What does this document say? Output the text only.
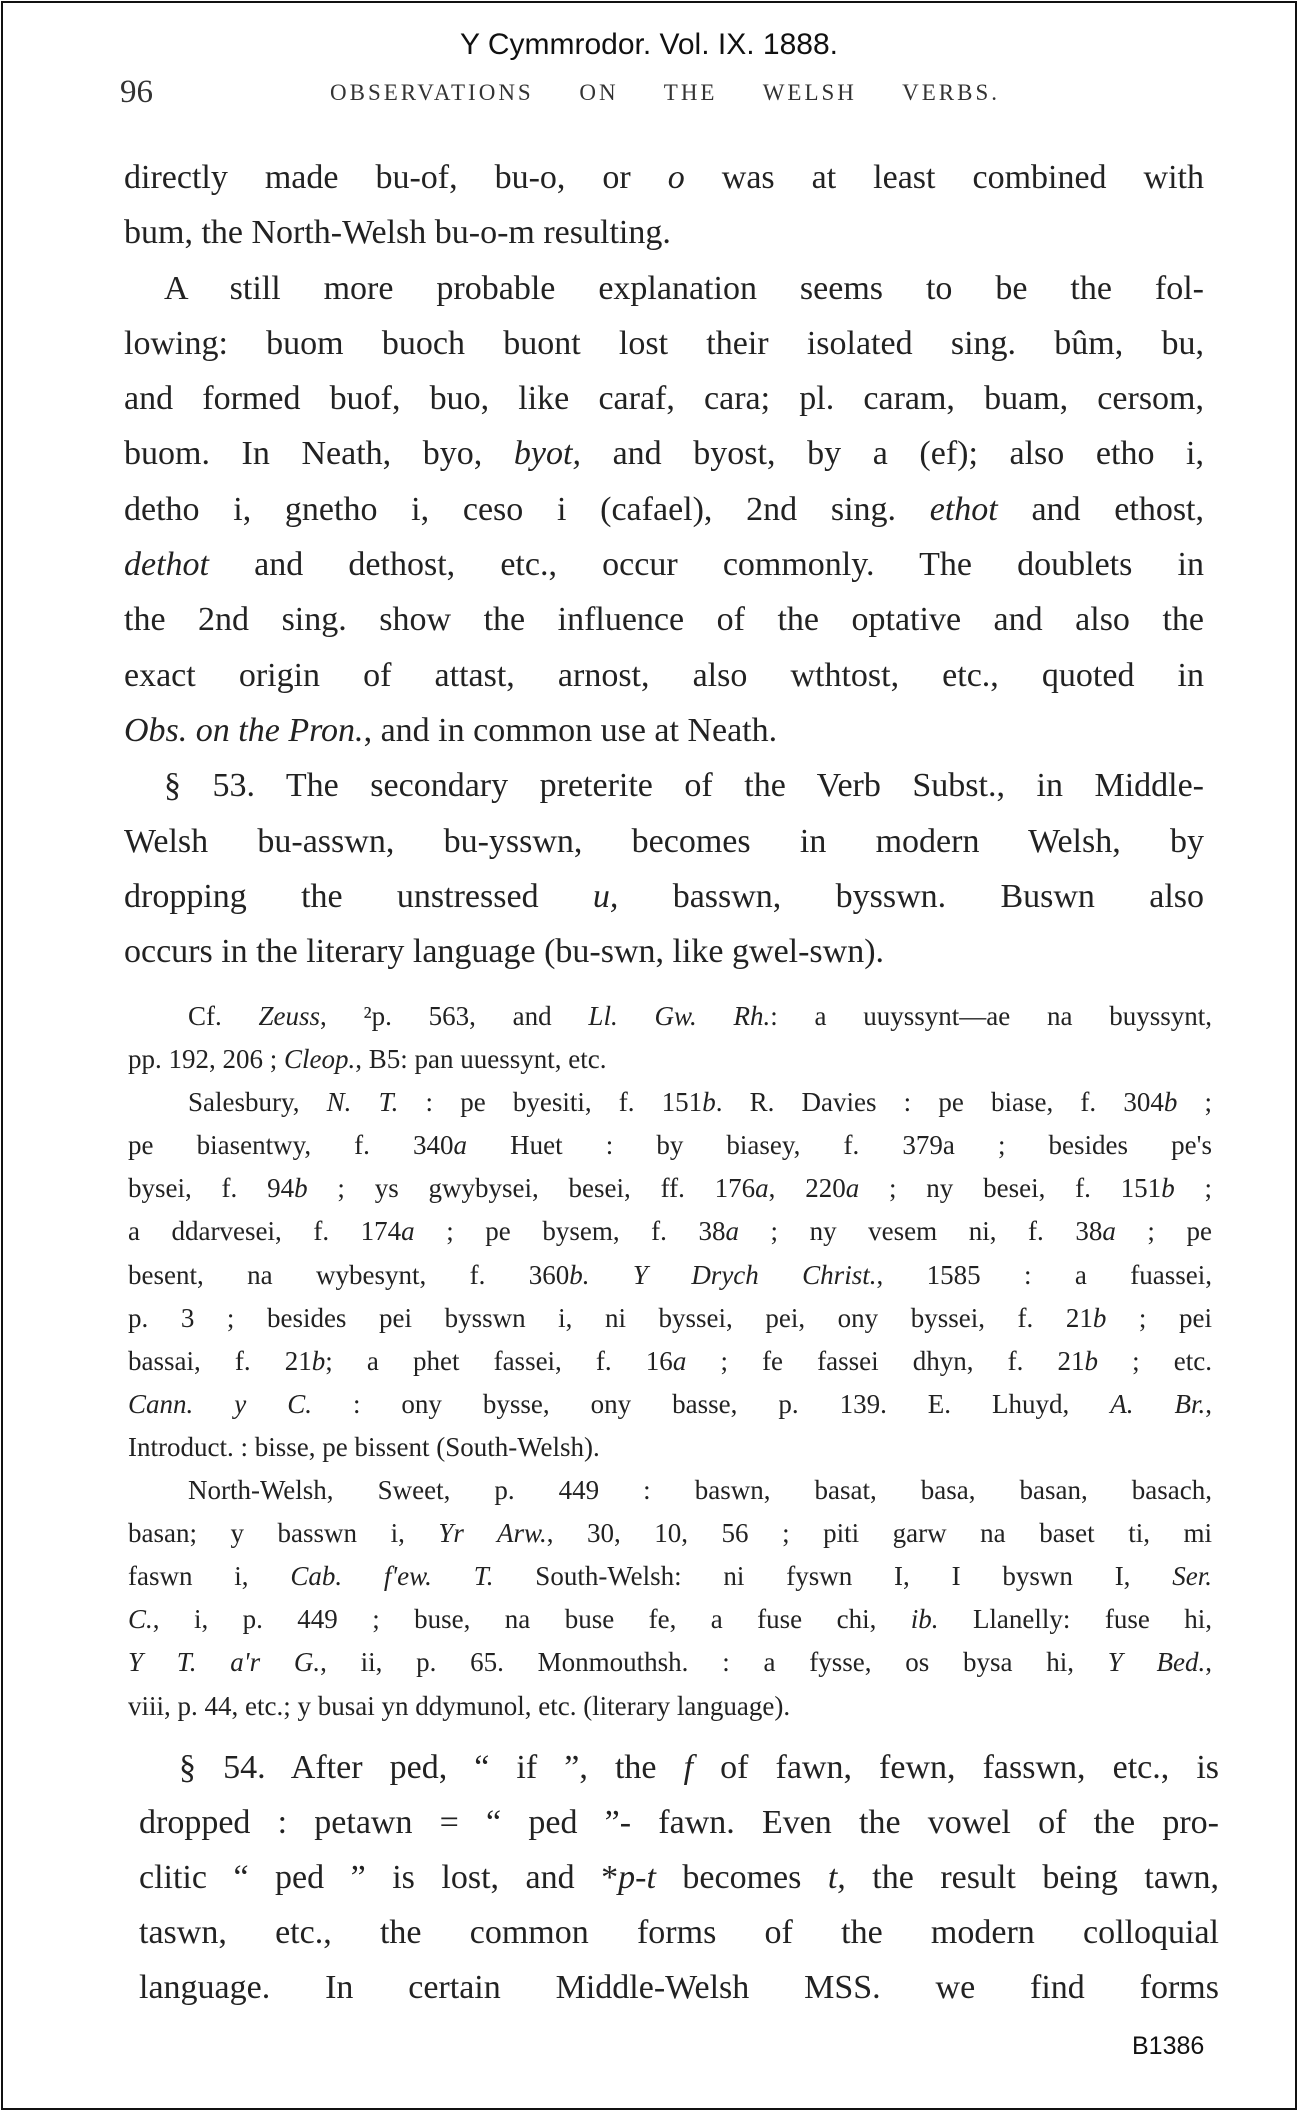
Y Cymmrodor. Vol. IX. 1888.
96	OBSERVATIONS ON THE WELSH VERBS.
directly made bu-of, bu-o, or o was at least combined with
bum, the North-Welsh bu-o-m resulting.
A still more probable explanation seems to be the fol-
lowing: buom buoch buont lost their isolated sing. bûm, bu,
and formed buof, buo, like caraf, cara; pl. caram, buam, cersom,
buom. In Neath, byo, byot, and byost, by a (ef); also etho i,
detho i, gnetho i, ceso i (cafael), 2nd sing. ethot and ethost,
dethot and dethost, etc., occur commonly. The doublets in
the 2nd sing. show the influence of the optative and also the
exact origin of attast, arnost, also wthtost, etc., quoted in
Obs. on the Pron., and in common use at Neath.
§ 53. The secondary preterite of the Verb Subst., in Middle-
Welsh bu-asswn, bu-ysswn, becomes in modern Welsh, by
dropping the unstressed u, basswn, bysswn. Buswn also
occurs in the literary language (bu-swn, like gwel-swn).
Cf. Zeuss, ²p. 563, and Ll. Gw. Rh.: a uuyssynt—ae na buyssynt,
pp. 192, 206 ; Cleop., B5: pan uuessynt, etc.
Salesbury, N. T. : pe byesiti, f. 151b. R. Davies : pe biase, f. 304b ;
pe biasentwy, f. 340a Huet : by biasey, f. 379a ; besides pe's
bysei, f. 94b ; ys gwybysei, besei, ff. 176a, 220a ; ny besei, f. 151b ;
a ddarvesei, f. 174a ; pe bysem, f. 38a ; ny vesem ni, f. 38a ; pe
besent, na wybesynt, f. 360b. Y Drych Christ., 1585 : a fuassei,
p. 3 ; besides pei bysswn i, ni byssei, pei, ony byssei, f. 21b ; pei
bassai, f. 21b; a phet fassei, f. 16a ; fe fassei dhyn, f. 21b ; etc.
Cann. y C. : ony bysse, ony basse, p. 139. E. Lhuyd, A. Br.,
Introduct. : bisse, pe bissent (South-Welsh).
North-Welsh, Sweet, p. 449 : baswn, basat, basa, basan, basach,
basan; y basswn i, Yr Arw., 30, 10, 56 ; piti garw na baset ti, mi
faswn i, Cab. f'ew. T. South-Welsh: ni fyswn I, I byswn I, Ser.
C., i, p. 449 ; buse, na buse fe, a fuse chi, ib. Llanelly: fuse hi,
Y T. a'r G., ii, p. 65. Monmouthsh. : a fysse, os bysa hi, Y Bed.,
viii, p. 44, etc.; y busai yn ddymunol, etc. (literary language).
§ 54. After ped, “ if ”, the f of fawn, fewn, fasswn, etc., is
dropped : petawn = “ ped ”- fawn. Even the vowel of the pro-
clitic “ ped ” is lost, and *p-t becomes t, the result being tawn,
taswn, etc., the common forms of the modern colloquial
language. In certain Middle-Welsh MSS. we find forms
B1386
